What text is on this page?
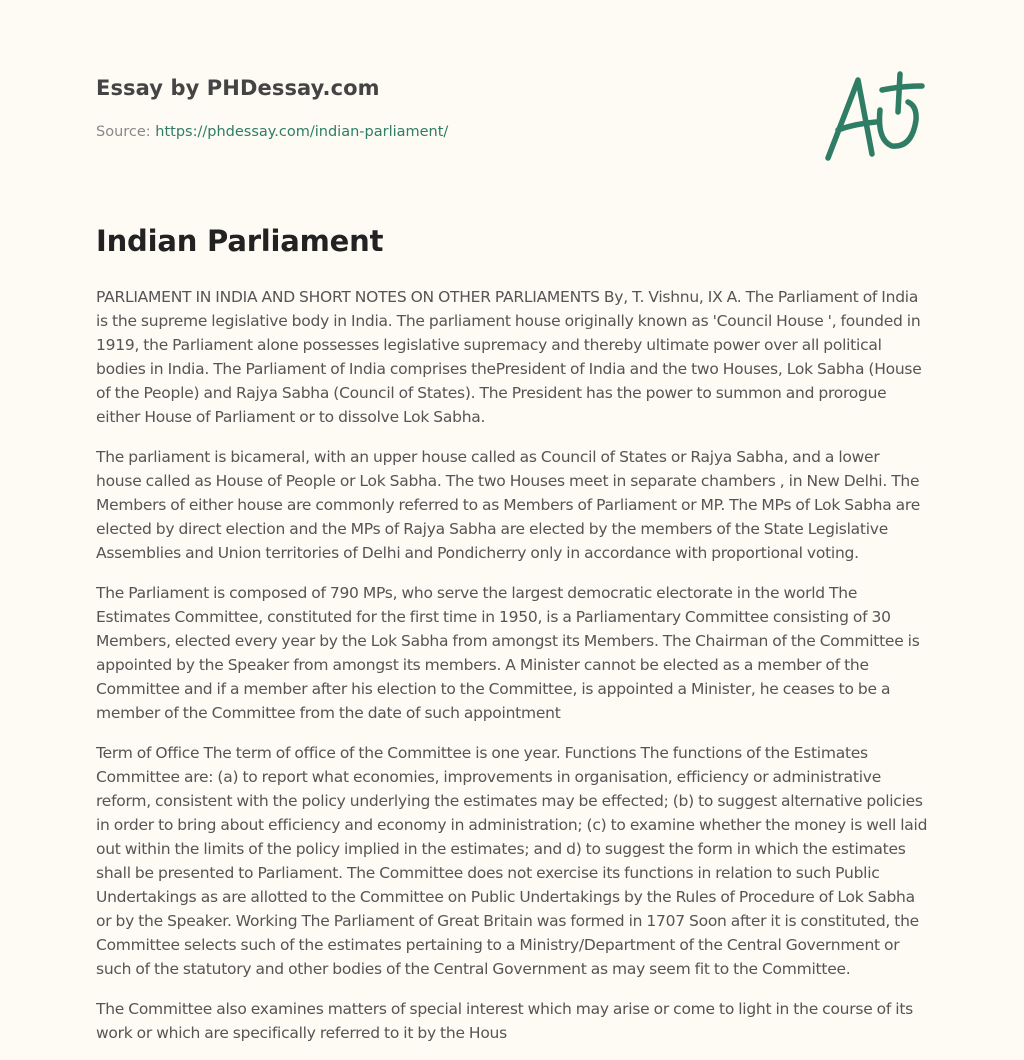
Essay by PHDessay.com
Source: https://phdessay.com/indian-parliament/
Indian Parliament

PARLIAMENT IN INDIA AND SHORT NOTES ON OTHER PARLIAMENTS By, T. Vishnu, IX A. The Parliament of India is the supreme legislative body in India. The parliament house originally known as 'Council House ', founded in 1919, the Parliament alone possesses legislative supremacy and thereby ultimate power over all political bodies in India. The Parliament of India comprises thePresident of India and the two Houses, Lok Sabha (House of the People) and Rajya Sabha (Council of States). The President has the power to summon and prorogue either House of Parliament or to dissolve Lok Sabha.

The parliament is bicameral, with an upper house called as Council of States or Rajya Sabha, and a lower house called as House of People or Lok Sabha. The two Houses meet in separate chambers , in New Delhi. The Members of either house are commonly referred to as Members of Parliament or MP. The MPs of Lok Sabha are elected by direct election and the MPs of Rajya Sabha are elected by the members of the State Legislative Assemblies and Union territories of Delhi and Pondicherry only in accordance with proportional voting.

The Parliament is composed of 790 MPs, who serve the largest democratic electorate in the world The Estimates Committee, constituted for the first time in 1950, is a Parliamentary Committee consisting of 30 Members, elected every year by the Lok Sabha from amongst its Members. The Chairman of the Committee is appointed by the Speaker from amongst its members. A Minister cannot be elected as a member of the Committee and if a member after his election to the Committee, is appointed a Minister, he ceases to be a member of the Committee from the date of such appointment

Term of Office The term of office of the Committee is one year. Functions The functions of the Estimates Committee are: (a) to report what economies, improvements in organisation, efficiency or administrative reform, consistent with the policy underlying the estimates may be effected; (b) to suggest alternative policies in order to bring about efficiency and economy in administration; (c) to examine whether the money is well laid out within the limits of the policy implied in the estimates; and d) to suggest the form in which the estimates shall be presented to Parliament. The Committee does not exercise its functions in relation to such Public Undertakings as are allotted to the Committee on Public Undertakings by the Rules of Procedure of Lok Sabha or by the Speaker. Working The Parliament of Great Britain was formed in 1707 Soon after it is constituted, the Committee selects such of the estimates pertaining to a Ministry/Department of the Central Government or such of the statutory and other bodies of the Central Government as may seem fit to the Committee.

The Committee also examines matters of special interest which may arise or come to light in the course of its work or which are specifically referred to it by the Hous
